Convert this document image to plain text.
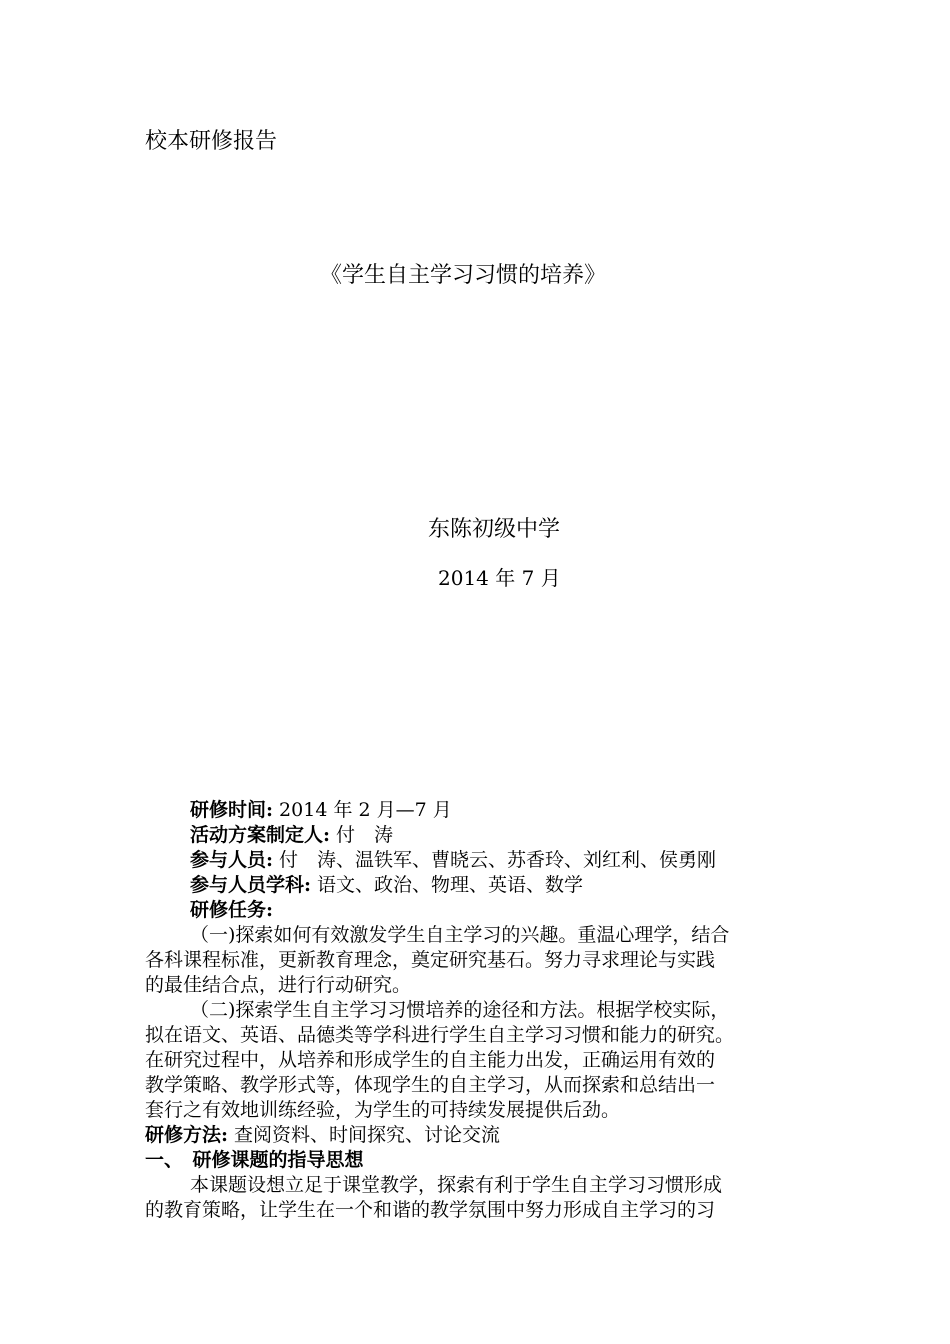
校本研修报告
《学生自主学习习惯的培养》
东陈初级中学
2014 年 7 月
研修时间: 2014 年 2 月—7 月
活动方案制定人: 付　涛
参与人员: 付　涛、温铁军、曹晓云、苏香玲、刘红利、侯勇刚
参与人员学科: 语文、政治、物理、英语、数学
研修任务:
（一)探索如何有效激发学生自主学习的兴趣。重温心理学，结合
各科课程标准，更新教育理念，奠定研究基石。努力寻求理论与实践
的最佳结合点，进行行动研究。
（二)探索学生自主学习习惯培养的途径和方法。根据学校实际，
拟在语文、英语、品德类等学科进行学生自主学习习惯和能力的研究。
在研究过程中，从培养和形成学生的自主能力出发，正确运用有效的
教学策略、教学形式等，体现学生的自主学习，从而探索和总结出一
套行之有效地训练经验，为学生的可持续发展提供后劲。
研修方法: 查阅资料、时间探究、讨论交流
一、　研修课题的指导思想
本课题设想立足于课堂教学，探索有利于学生自主学习习惯形成
的教育策略，让学生在一个和谐的教学氛围中努力形成自主学习的习
